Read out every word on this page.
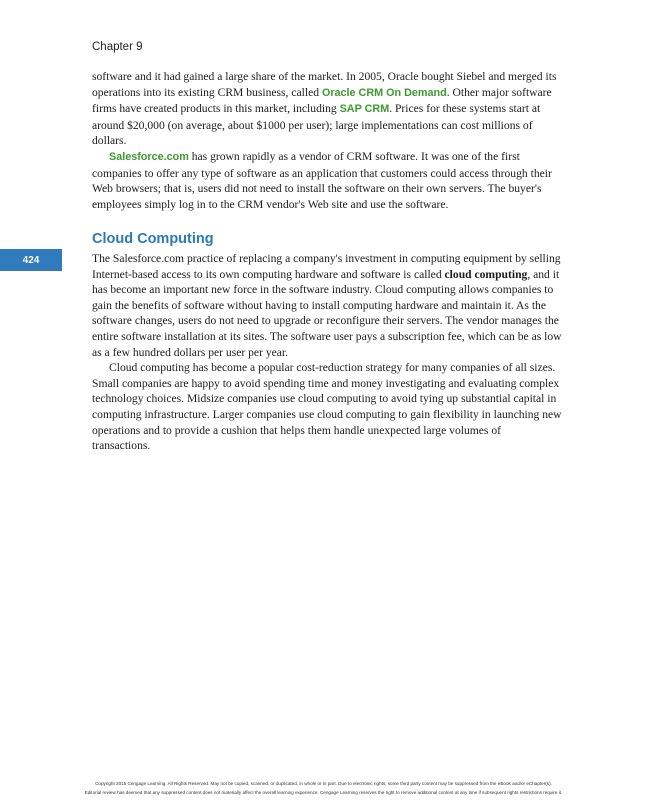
Chapter 9

software and it had gained a large share of the market. In 2005, Oracle bought Siebel and merged its operations into its existing CRM business, called Oracle CRM On Demand. Other major software firms have created products in this market, including SAP CRM. Prices for these systems start at around $20,000 (on average, about $1000 per user); large implementations can cost millions of dollars.

Salesforce.com has grown rapidly as a vendor of CRM software. It was one of the first companies to offer any type of software as an application that customers could access through their Web browsers; that is, users did not need to install the software on their own servers. The buyer's employees simply log in to the CRM vendor's Web site and use the software.

Cloud Computing
424	The Salesforce.com practice of replacing a company's investment in computing equipment by selling Internet-based access to its own computing hardware and software is called cloud computing, and it has become an important new force in the software industry. Cloud computing allows companies to gain the benefits of software without having to install computing hardware and maintain it. As the software changes, users do not need to upgrade or reconfigure their servers. The vendor manages the entire software installation at its sites. The software user pays a subscription fee, which can be as low as a few hundred dollars per user per year.

Cloud computing has become a popular cost-reduction strategy for many companies of all sizes. Small companies are happy to avoid spending time and money investigating and evaluating complex technology choices. Midsize companies use cloud computing to avoid tying up substantial capital in computing infrastructure. Larger companies use cloud computing to gain flexibility in launching new operations and to provide a cushion that helps them handle unexpected large volumes of transactions.

Copyright 2015 Cengage Learning. All Rights Reserved. May not be copied, scanned, or duplicated, in whole or in part. Due to electronic rights, some third party content may be suppressed from the eBook and/or eChapter(s).
Editorial review has deemed that any suppressed content does not materially affect the overall learning experience. Cengage Learning reserves the right to remove additional content at any time if subsequent rights restrictions require it.
